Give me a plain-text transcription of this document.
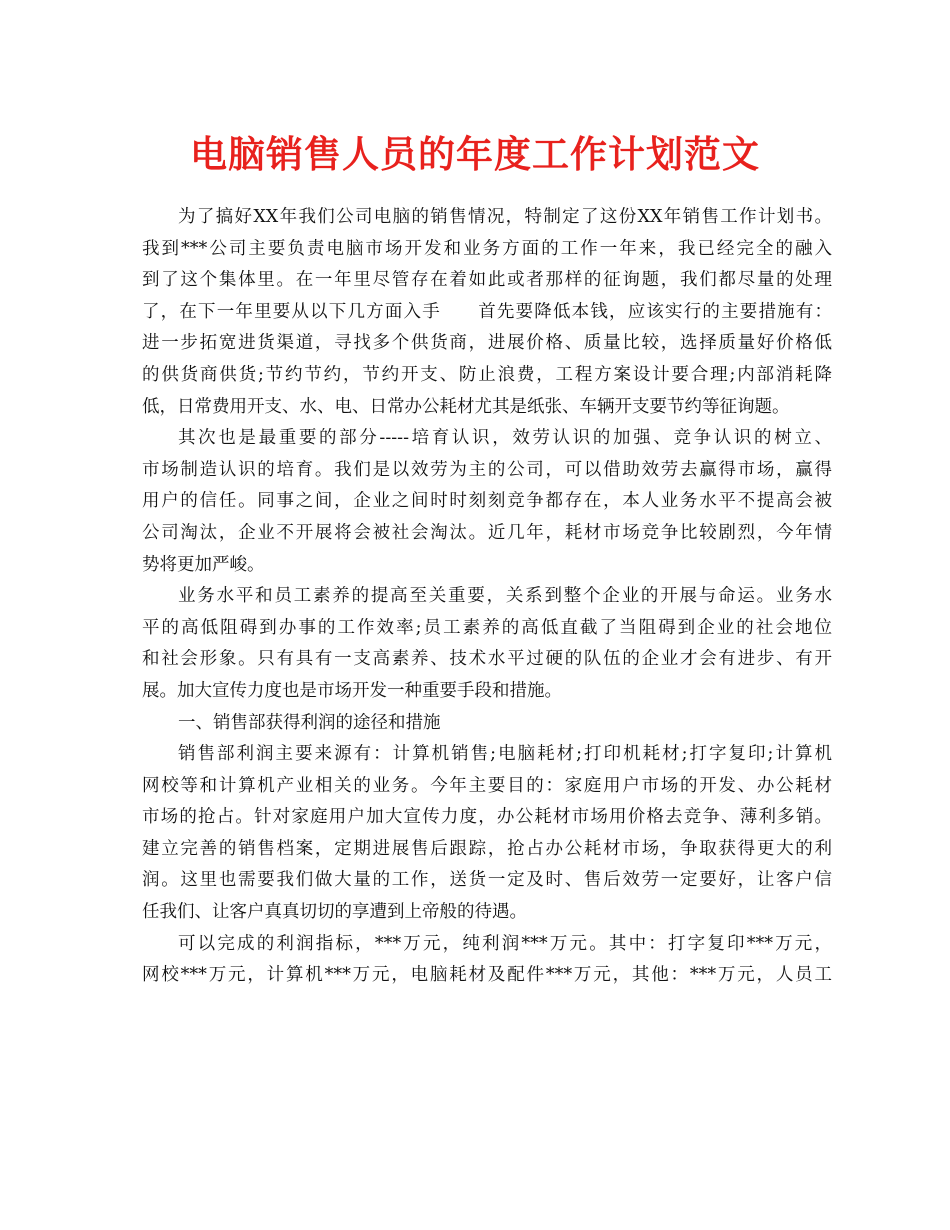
电脑销售人员的年度工作计划范文
为了搞好XX年我们公司电脑的销售情况，特制定了这份XX年销售工作计划书。
我到***公司主要负责电脑市场开发和业务方面的工作一年来，我已经完全的融入
到了这个集体里。在一年里尽管存在着如此或者那样的征询题，我们都尽量的处理
了，在下一年里要从以下几方面入手　　首先要降低本钱，应该实行的主要措施有：
进一步拓宽进货渠道，寻找多个供货商，进展价格、质量比较，选择质量好价格低
的供货商供货;节约节约，节约开支、防止浪费，工程方案设计要合理;内部消耗降
低，日常费用开支、水、电、日常办公耗材尤其是纸张、车辆开支要节约等征询题。
其次也是最重要的部分-----培育认识，效劳认识的加强、竞争认识的树立、
市场制造认识的培育。我们是以效劳为主的公司，可以借助效劳去赢得市场，赢得
用户的信任。同事之间，企业之间时时刻刻竞争都存在，本人业务水平不提高会被
公司淘汰，企业不开展将会被社会淘汰。近几年，耗材市场竞争比较剧烈，今年情
势将更加严峻。
业务水平和员工素养的提高至关重要，关系到整个企业的开展与命运。业务水
平的高低阻碍到办事的工作效率;员工素养的高低直截了当阻碍到企业的社会地位
和社会形象。只有具有一支高素养、技术水平过硬的队伍的企业才会有进步、有开
展。加大宣传力度也是市场开发一种重要手段和措施。
一、销售部获得利润的途径和措施
销售部利润主要来源有：计算机销售;电脑耗材;打印机耗材;打字复印;计算机
网校等和计算机产业相关的业务。今年主要目的：家庭用户市场的开发、办公耗材
市场的抢占。针对家庭用户加大宣传力度，办公耗材市场用价格去竞争、薄利多销。
建立完善的销售档案，定期进展售后跟踪，抢占办公耗材市场，争取获得更大的利
润。这里也需要我们做大量的工作，送货一定及时、售后效劳一定要好，让客户信
任我们、让客户真真切切的享遭到上帝般的待遇。
可以完成的利润指标，***万元，纯利润***万元。其中：打字复印***万元，
网校***万元，计算机***万元，电脑耗材及配件***万元，其他：***万元，人员工
